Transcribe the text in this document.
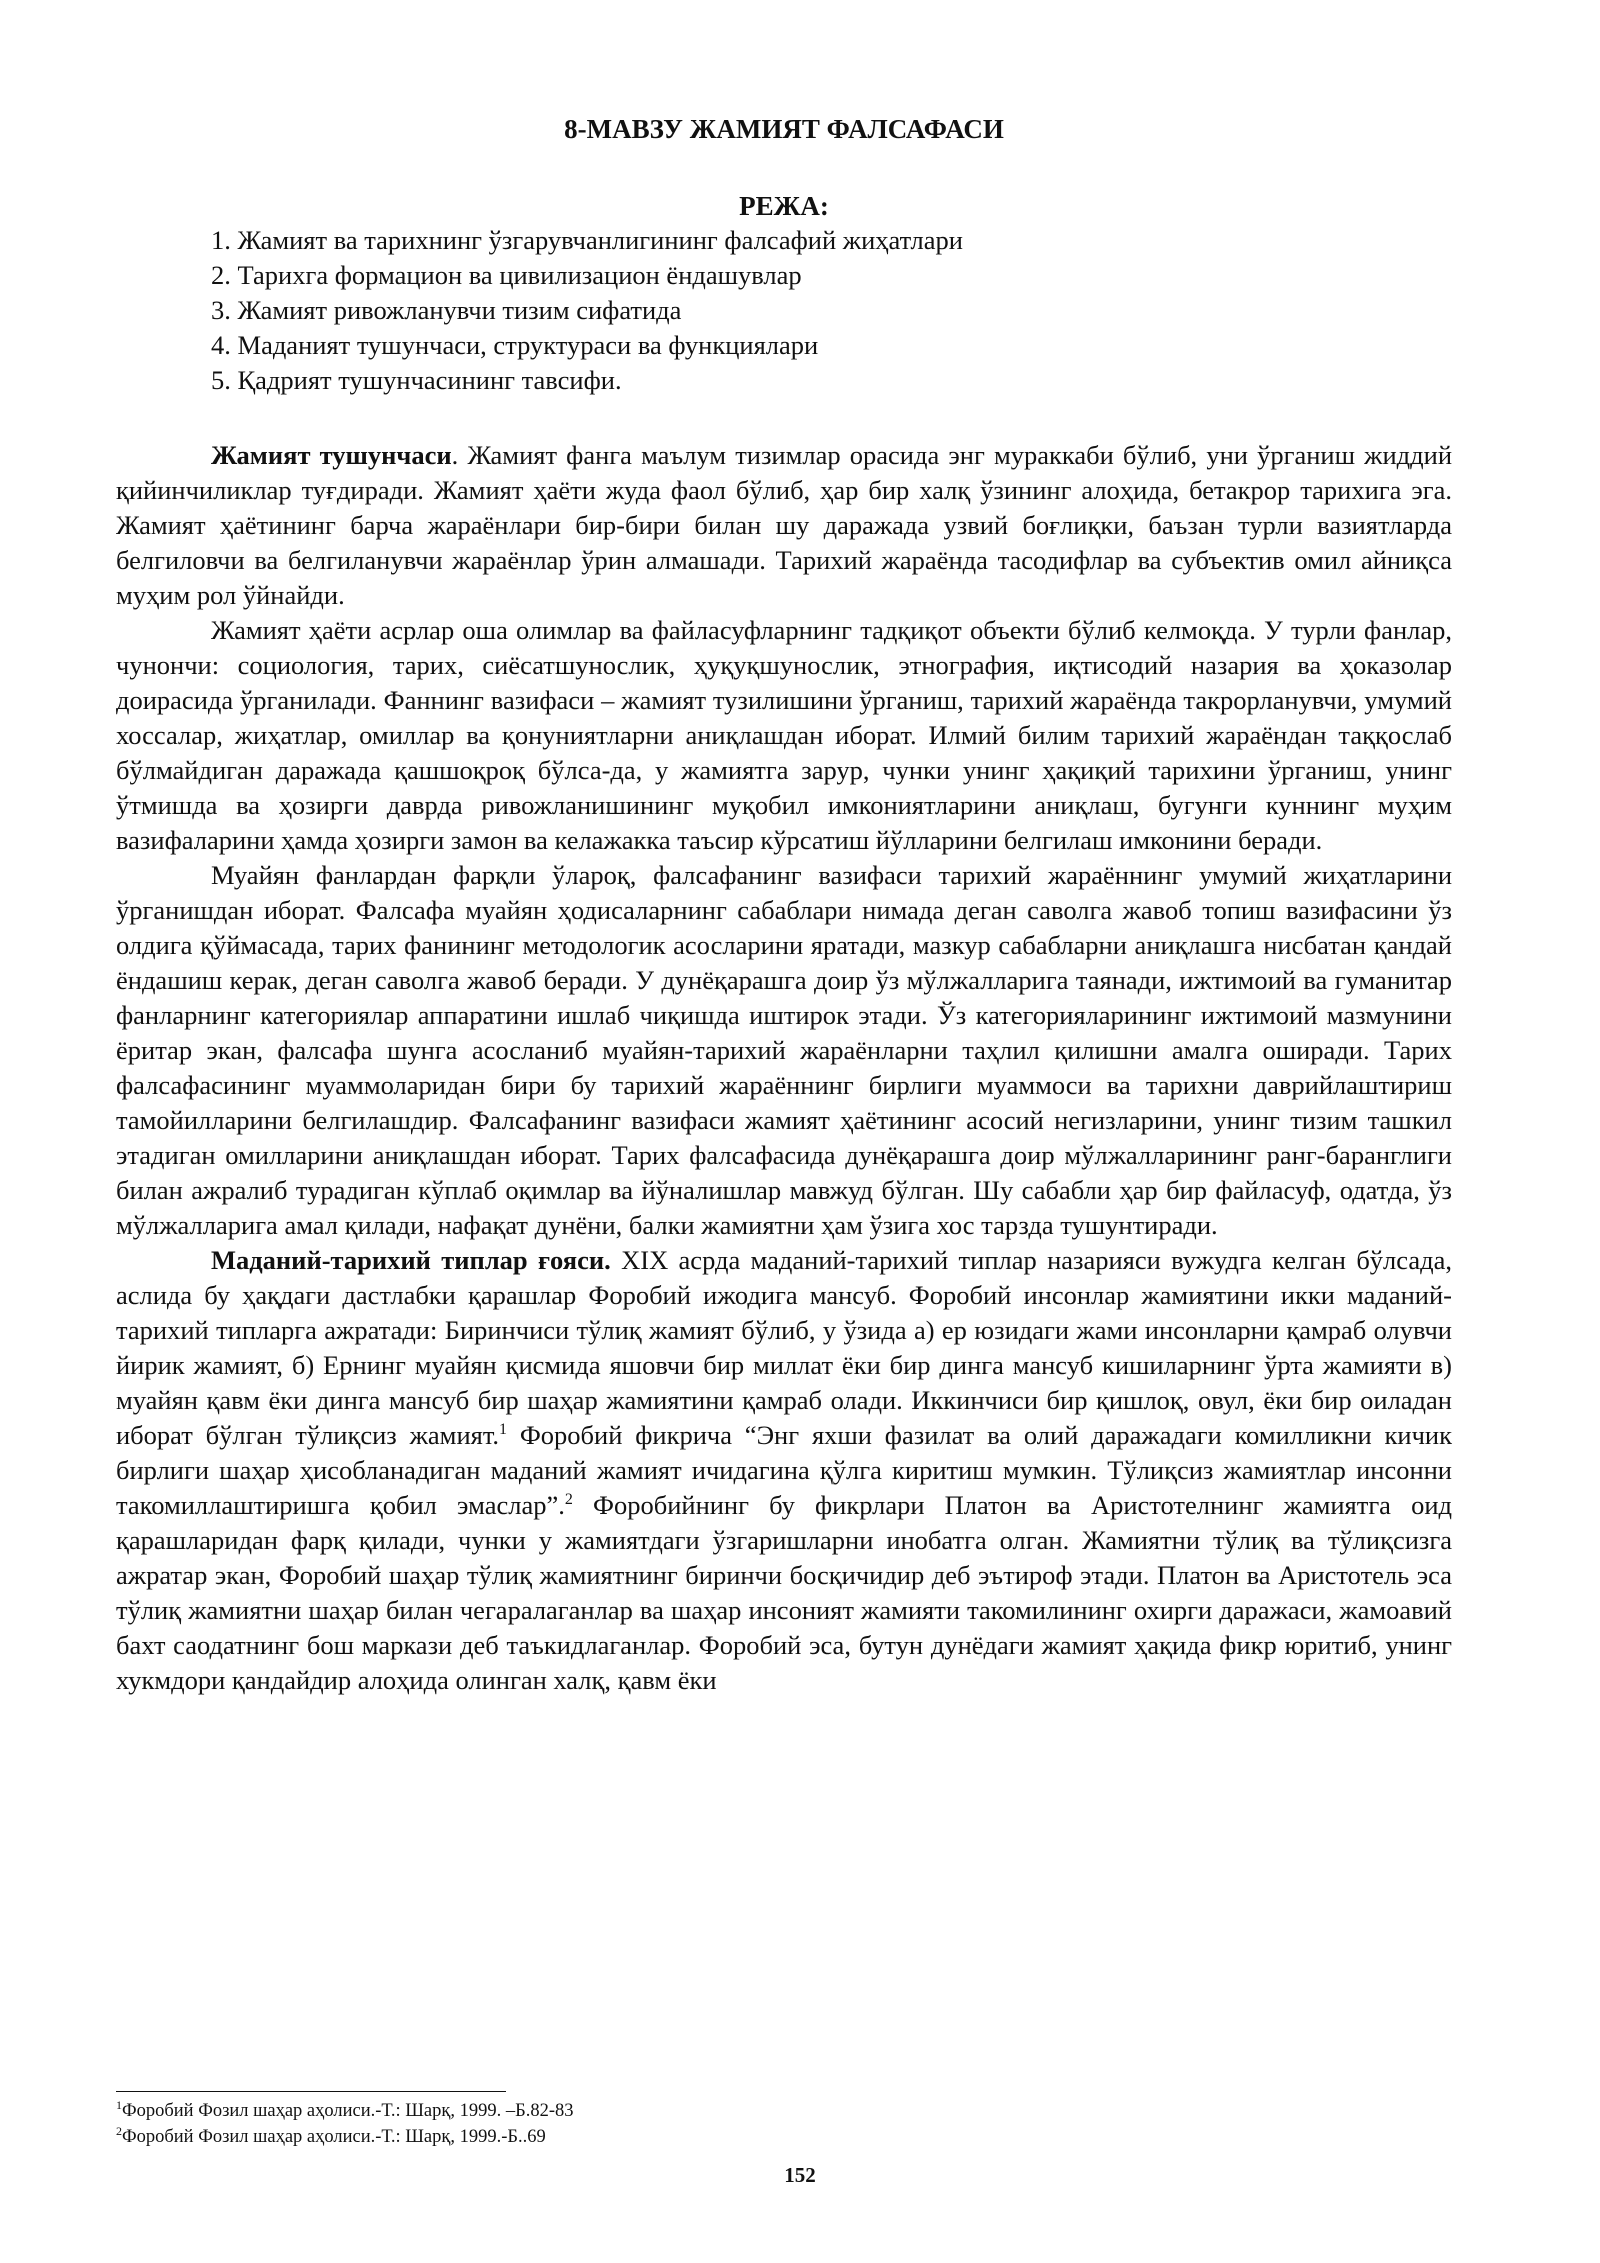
8-МАВЗУ ЖАМИЯТ ФАЛСАФАСИ
РЕЖА:
1. Жамият ва тарихнинг ўзгарувчанлигининг фалсафий жиҳатлари
2. Тарихга формацион ва цивилизацион ёндашувлар
3. Жамият ривожланувчи тизим сифатида
4. Маданият тушунчаси, структураси ва функциялари
5. Қадрият тушунчасининг тавсифи.

Жамият тушунчаси. Жамият фанга маълум тизимлар орасида энг мураккаби бўлиб, уни ўрганиш жиддий қийинчиликлар туғдиради. Жамият ҳаёти жуда фаол бўлиб, ҳар бир халқ ўзининг алоҳида, бетакрор тарихига эга. Жамият ҳаётининг барча жараёнлари бир-бири билан шу даражада узвий боғлиқки, баъзан турли вазиятларда белгиловчи ва белгиланувчи жараёнлар ўрин алмашади. Тарихий жараёнда тасодифлар ва субъектив омил айниқса муҳим рол ўйнайди.

Жамият ҳаёти асрлар оша олимлар ва файласуфларнинг тадқиқот объекти бўлиб келмоқда. У турли фанлар, чунончи: социология, тарих, сиёсатшунослик, ҳуқуқшунослик, этнография, иқтисодий назария ва ҳоказолар доирасида ўрганилади. Фаннинг вазифаси – жамият тузилишини ўрганиш, тарихий жараёнда такрорланувчи, умумий хоссалар, жиҳатлар, омиллар ва қонуниятларни аниқлашдан иборат. Илмий билим тарихий жараёндан таққослаб бўлмайдиган даражада қашшоқроқ бўлса-да, у жамиятга зарур, чунки унинг ҳақиқий тарихини ўрганиш, унинг ўтмишда ва ҳозирги даврда ривожланишининг муқобил имкониятларини аниқлаш, бугунги куннинг муҳим вазифаларини ҳамда ҳозирги замон ва келажакка таъсир кўрсатиш йўлларини белгилаш имконини беради.

Муайян фанлардан фарқли ўлароқ, фалсафанинг вазифаси тарихий жараённинг умумий жиҳатларини ўрганишдан иборат. Фалсафа муайян ҳодисаларнинг сабаблари нимада деган саволга жавоб топиш вазифасини ўз олдига қўймасада, тарих фанининг методологик асосларини яратади, мазкур сабабларни аниқлашга нисбатан қандай ёндашиш керак, деган саволга жавоб беради. У дунёқарашга доир ўз мўлжалларига таянади, ижтимоий ва гуманитар фанларнинг категориялар аппаратини ишлаб чиқишда иштирок этади. Ўз категорияларининг ижтимоий мазмунини ёритар экан, фалсафа шунга асосланиб муайян-тарихий жараёнларни таҳлил қилишни амалга оширади. Тарих фалсафасининг муаммоларидан бири бу тарихий жараённинг бирлиги муаммоси ва тарихни даврийлаштириш тамойилларини белгилашдир. Фалсафанинг вазифаси жамият ҳаётининг асосий негизларини, унинг тизим ташкил этадиган омилларини аниқлашдан иборат. Тарих фалсафасида дунёқарашга доир мўлжалларининг ранг-баранглиги билан ажралиб турадиган кўплаб оқимлар ва йўналишлар мавжуд бўлган. Шу сабабли ҳар бир файласуф, одатда, ўз мўлжалларига амал қилади, нафақат дунёни, балки жамиятни ҳам ўзига хос тарзда тушунтиради.

Маданий-тарихий типлар ғояси. XIX асрда маданий-тарихий типлар назарияси вужудга келган бўлсада, аслида бу ҳақдаги дастлабки қарашлар Форобий ижодига мансуб. Форобий инсонлар жамиятини икки маданий- тарихий типларга ажратади: Биринчиси тўлиқ жамият бўлиб, у ўзида а) ер юзидаги жами инсонларни қамраб олувчи йирик жамият, б) Ернинг муайян қисмида яшовчи бир миллат ёки бир динга мансуб кишиларнинг ўрта жамияти в) муайян қавм ёки динга мансуб бир шаҳар жамиятини қамраб олади. Иккинчиси бир қишлоқ, овул, ёки бир оиладан иборат бўлган тўлиқсиз жамият.$^1$ Форобий фикрича “Энг яхши фазилат ва олий даражадаги комилликни кичик бирлиги шаҳар ҳисобланадиган маданий жамият ичидагина қўлга киритиш мумкин. Тўлиқсиз жамиятлар инсонни такомиллаштиришга қобил эмаслар”.$^2$ Форобийнинг бу фикрлари Платон ва Аристотелнинг жамиятга оид қарашларидан фарқ қилади, чунки у жамиятдаги ўзгаришларни инобатга олган. Жамиятни тўлиқ ва тўлиқсизга ажратар экан, Форобий шаҳар тўлиқ жамиятнинг биринчи босқичидир деб эътироф этади. Платон ва Аристотель эса тўлиқ жамиятни шаҳар билан чегаралаганлар ва шаҳар инсоният жамияти такомилининг охирги даражаси, жамоавий бахт саодатнинг бош маркази деб таъкидлаганлар. Форобий эса, бутун дунёдаги жамият ҳақида фикр юритиб, унинг хукмдори қандайдир алоҳида олинган халқ, қавм ёки

$^1$Форобий Фозил шаҳар аҳолиси.-Т.: Шарқ, 1999. –Б.82-83
$^2$Форобий Фозил шаҳар аҳолиси.-Т.: Шарқ, 1999.-Б..69
152
